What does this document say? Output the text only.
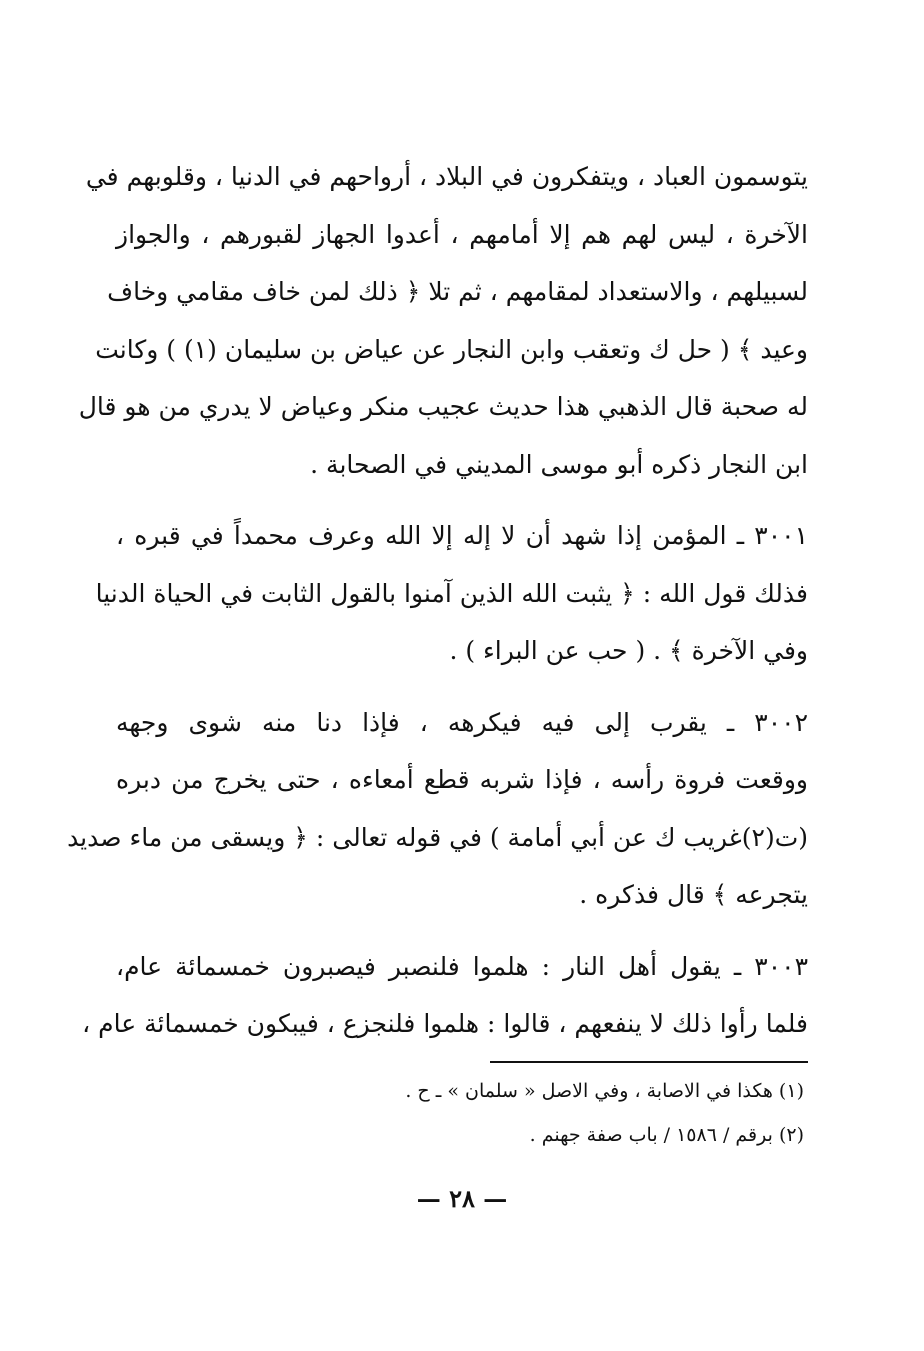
يتوسمون العباد ، ويتفكرون في البلاد ، أرواحهم في الدنيا ، وقلوبهم في
الآخرة ، ليس لهم هم إلا أمامهم ، أعدوا الجهاز لقبورهم ، والجواز
لسبيلهم ، والاستعداد لمقامهم ، ثم تلا ﴿ ذلك لمن خاف مقامي وخاف
وعيد ﴾ ( حل ك وتعقب وابن النجار عن عياض بن سليمان (١) ) وكانت
له صحبة قال الذهبي هذا حديث عجيب منكر وعياض لا يدري من هو قال
ابن النجار ذكره أبو موسى المديني في الصحابة .
٣٠٠١ ـ المؤمن إذا شهد أن لا إله إلا الله وعرف محمداً في قبره ،
فذلك قول الله : ﴿ يثبت الله الذين آمنوا بالقول الثابت في الحياة الدنيا
وفي الآخرة ﴾ . ( حب عن البراء ) .
٣٠٠٢ ـ يقرب إلى فيه فيكرهه ، فإذا دنا منه شوى وجهه
ووقعت فروة رأسه ، فإذا شربه قطع أمعاءه ، حتى يخرج من دبره
(ت(٢)غريب ك عن أبي أمامة ) في قوله تعالى : ﴿ ويسقى من ماء صديد
يتجرعه ﴾ قال فذكره .
٣٠٠٣ ـ يقول أهل النار : هلموا فلنصبر فيصبرون خمسمائة عام،
فلما رأوا ذلك لا ينفعهم ، قالوا : هلموا فلنجزع ، فيبكون خمسمائة عام ،
(١) هكذا في الاصابة ، وفي الاصل « سلمان » ـ ح .
(٢) برقم / ١٥٨٦ / باب صفة جهنم .
— ٢٨ —
